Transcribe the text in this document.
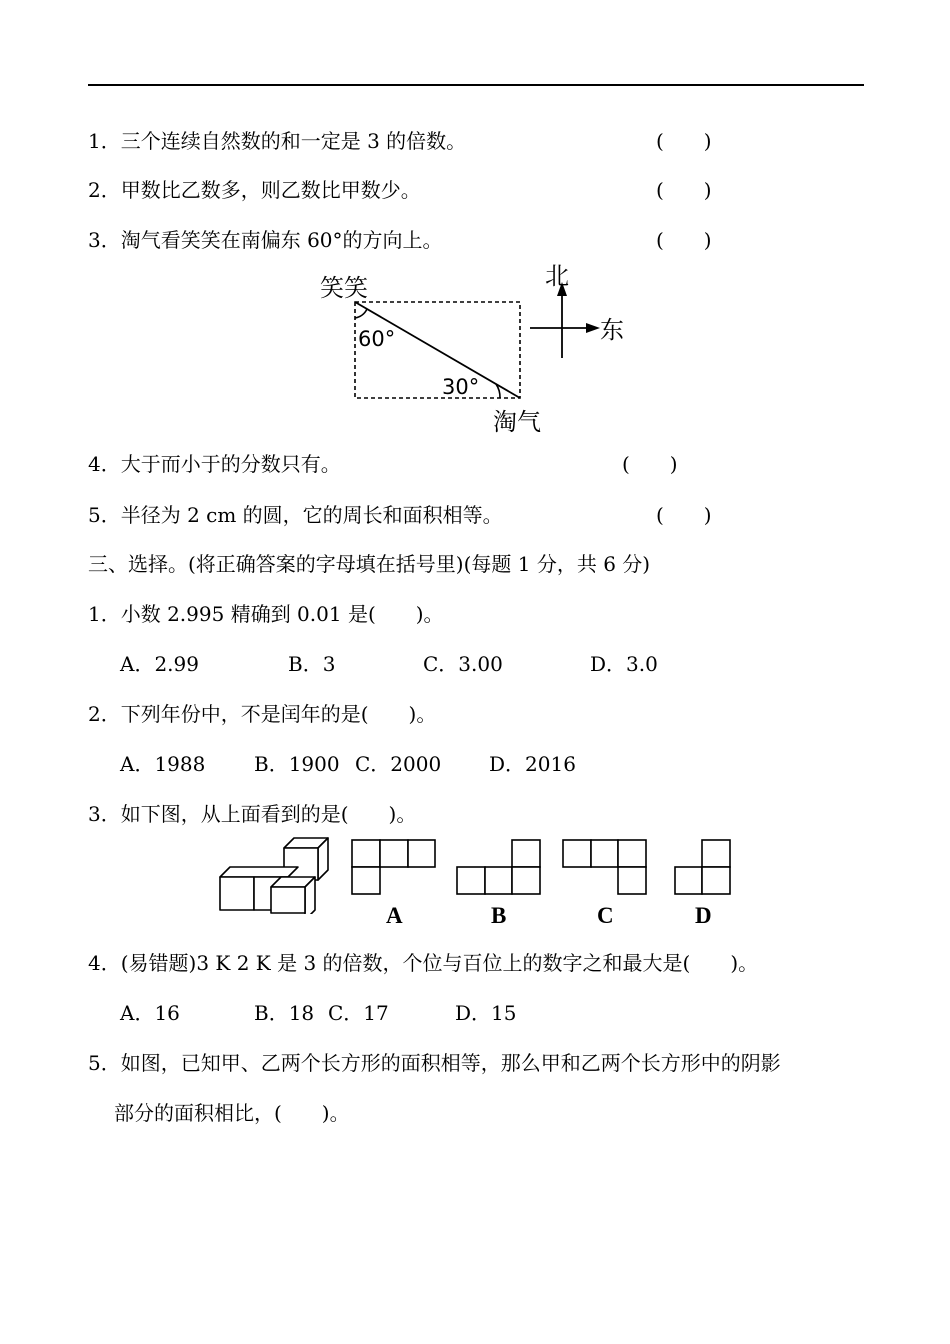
1．三个连续自然数的和一定是 3 的倍数。	(　　)
2．甲数比乙数多，则乙数比甲数少。	(　　)
3．淘气看笑笑在南偏东 60°的方向上。	(　　)
笑笑
60°
30°
淘气
北
东
4．大于而小于的分数只有。	(　　)
5．半径为 2 cm 的圆，它的周长和面积相等。	(　　)
三、选择。(将正确答案的字母填在括号里)(每题 1 分，共 6 分)
1．小数 2.995 精确到 0.01 是(　　)。
A．2.99	B．3	C．3.00	D．3.0
2．下列年份中，不是闰年的是(　　)。
A．1988 B．1900 C．2000 D．2016
3．如下图，从上面看到的是(　　)。
A	B	C	D
4．(易错题)3 K 2 K 是 3 的倍数，个位与百位上的数字之和最大是(　　)。
A．16	B．18 C．17	D．15
5．如图，已知甲、乙两个长方形的面积相等，那么甲和乙两个长方形中的阴影
部分的面积相比，(　　)。
